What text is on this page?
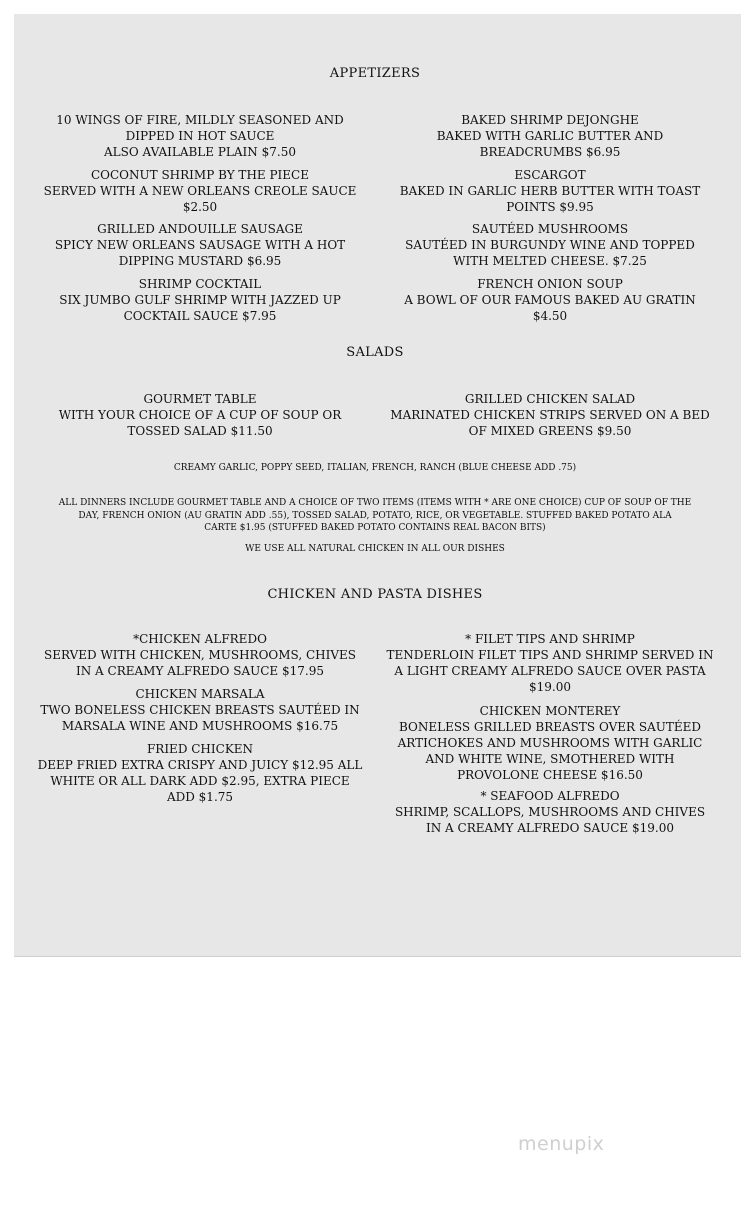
APPETIZERS
10 WINGS OF FIRE, MILDLY SEASONED AND
DIPPED IN HOT SAUCE
ALSO AVAILABLE PLAIN $7.50
COCONUT SHRIMP BY THE PIECE
SERVED WITH A NEW ORLEANS CREOLE SAUCE
$2.50
GRILLED ANDOUILLE SAUSAGE
SPICY NEW ORLEANS SAUSAGE WITH A HOT
DIPPING MUSTARD $6.95
SHRIMP COCKTAIL
SIX JUMBO GULF SHRIMP WITH JAZZED UP
COCKTAIL SAUCE $7.95
BAKED SHRIMP DEJONGHE
BAKED WITH GARLIC BUTTER AND
BREADCRUMBS $6.95
ESCARGOT
BAKED IN GARLIC HERB BUTTER WITH TOAST
POINTS $9.95
SAUTÉED MUSHROOMS
SAUTÉED IN BURGUNDY WINE AND TOPPED
WITH MELTED CHEESE. $7.25
FRENCH ONION SOUP
A BOWL OF OUR FAMOUS BAKED AU GRATIN
$4.50
SALADS
GOURMET TABLE
WITH YOUR CHOICE OF A CUP OF SOUP OR
TOSSED SALAD $11.50
GRILLED CHICKEN SALAD
MARINATED CHICKEN STRIPS SERVED ON A BED
OF MIXED GREENS $9.50
CREAMY GARLIC, POPPY SEED, ITALIAN, FRENCH, RANCH (BLUE CHEESE ADD .75)
ALL DINNERS INCLUDE GOURMET TABLE AND A CHOICE OF TWO ITEMS (ITEMS WITH * ARE ONE CHOICE) CUP OF SOUP OF THE
DAY, FRENCH ONION (AU GRATIN ADD .55), TOSSED SALAD, POTATO, RICE, OR VEGETABLE. STUFFED BAKED POTATO ALA
CARTE $1.95 (STUFFED BAKED POTATO CONTAINS REAL BACON BITS)
WE USE ALL NATURAL CHICKEN IN ALL OUR DISHES
CHICKEN AND PASTA DISHES
*CHICKEN ALFREDO
SERVED WITH CHICKEN, MUSHROOMS, CHIVES
IN A CREAMY ALFREDO SAUCE $17.95
CHICKEN MARSALA
TWO BONELESS CHICKEN BREASTS SAUTÉED IN
MARSALA WINE AND MUSHROOMS $16.75
FRIED CHICKEN
DEEP FRIED EXTRA CRISPY AND JUICY $12.95 ALL
WHITE OR ALL DARK ADD $2.95, EXTRA PIECE
ADD $1.75
* FILET TIPS AND SHRIMP
TENDERLOIN FILET TIPS AND SHRIMP SERVED IN
A LIGHT CREAMY ALFREDO SAUCE OVER PASTA
$19.00
CHICKEN MONTEREY
BONELESS GRILLED BREASTS OVER SAUTÉED
ARTICHOKES AND MUSHROOMS WITH GARLIC
AND WHITE WINE, SMOTHERED WITH
PROVOLONE CHEESE $16.50
* SEAFOOD ALFREDO
SHRIMP, SCALLOPS, MUSHROOMS AND CHIVES
IN A CREAMY ALFREDO SAUCE $19.00
menupix
